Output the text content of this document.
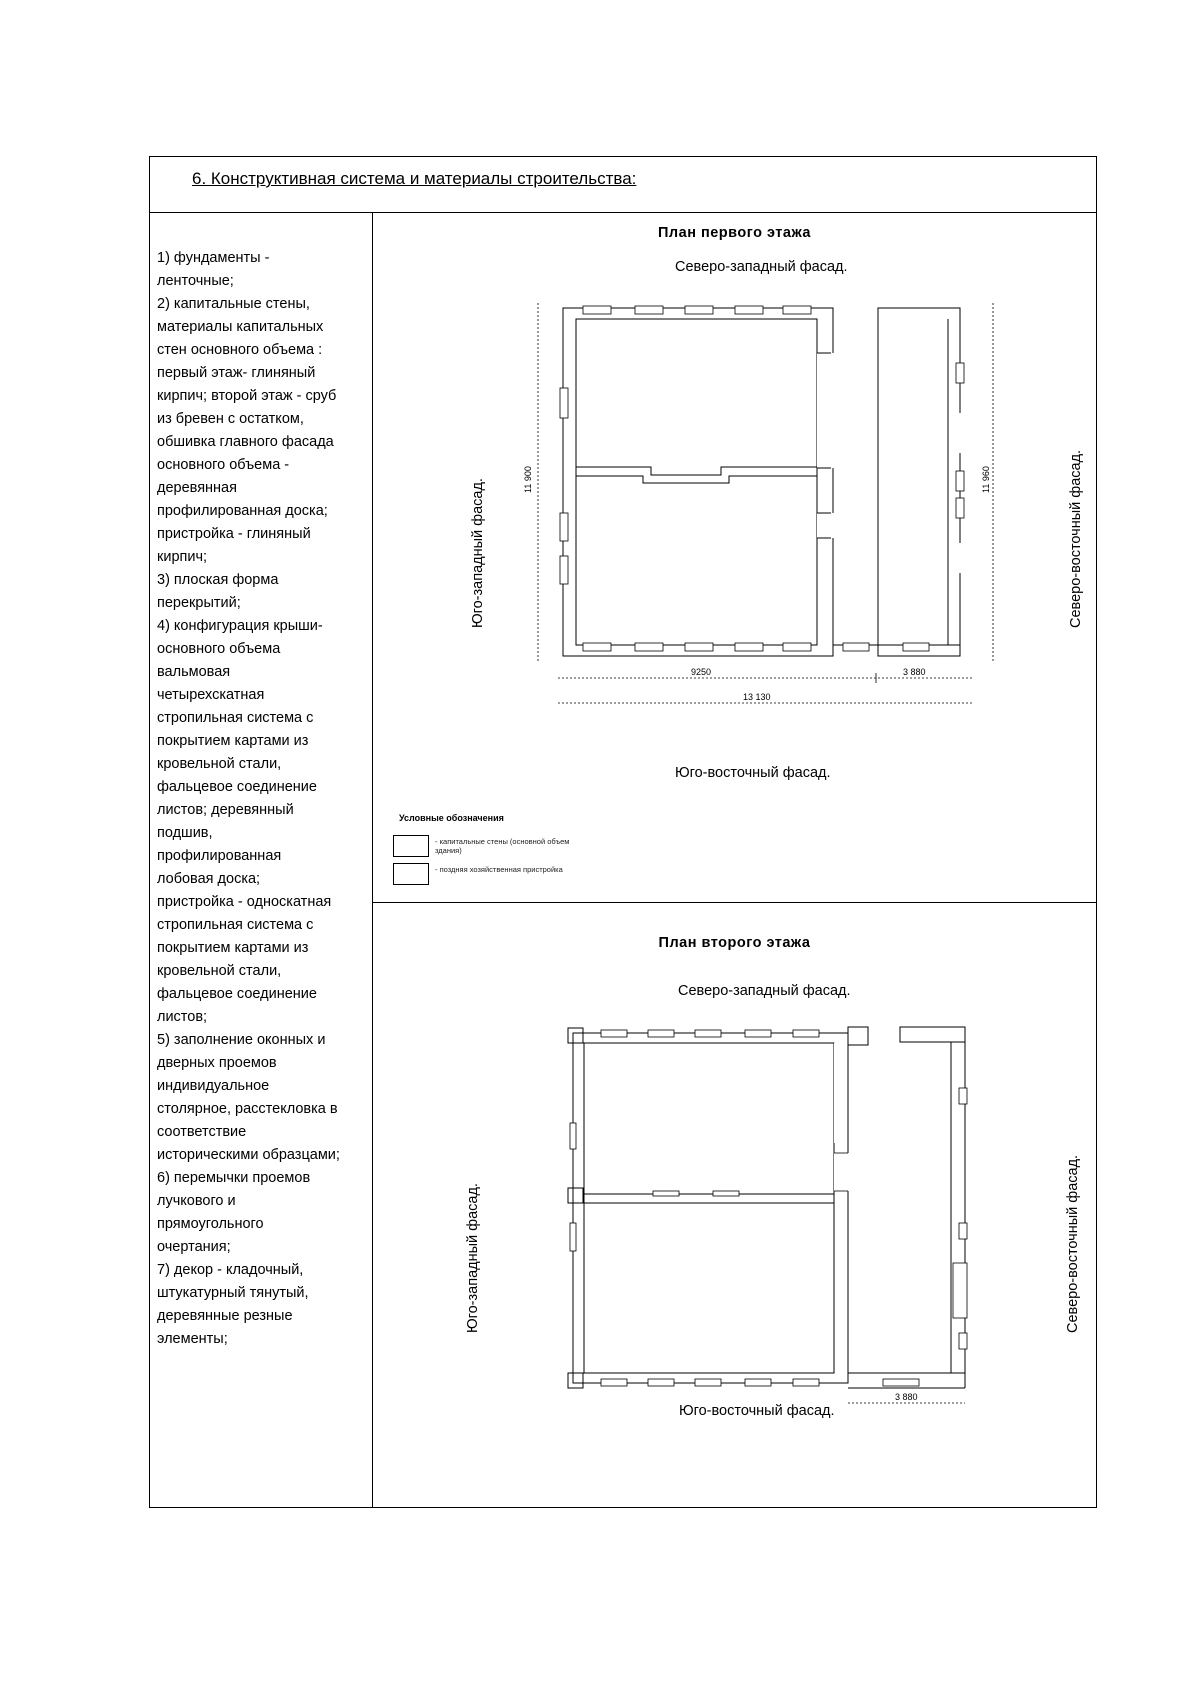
6. Конструктивная система и материалы строительства:
1) фундаменты -
ленточные;
2) капитальные стены,
материалы капитальных
стен основного объема :
первый этаж- глиняный
кирпич; второй этаж - сруб
из бревен с остатком,
обшивка главного фасада
основного объема -
деревянная
профилированная доска;
пристройка - глиняный
кирпич;
3) плоская форма
перекрытий;
4) конфигурация крыши-
основного объема
вальмовая
четырехскатная
стропильная система с
покрытием картами из
кровельной стали,
фальцевое соединение
листов; деревянный
подшив,
профилированная
лобовая доска;
пристройка - односкатная
стропильная система с
покрытием картами из
кровельной стали,
фальцевое соединение
листов;
5) заполнение оконных и
дверных проемов
индивидуальное
столярное, расстекловка в
соответствие
историческими образцами;
6) перемычки проемов
лучкового и
прямоугольного
очертания;
7) декор - кладочный,
штукатурный тянутый,
деревянные резные
элементы;
План первого этажа
Северо-западный фасад.
Юго-западный фасад.	Северо-восточный фасад.
Юго-восточный фасад.
11 900	11 960
9250	3 880
13 130
Условные обозначения
- капитальные стены (основной объем здания)
- поздняя хозяйственная пристройка
План второго этажа
Северо-западный фасад.
Юго-западный фасад.	Северо-восточный фасад.
Юго-восточный фасад.
3 880
